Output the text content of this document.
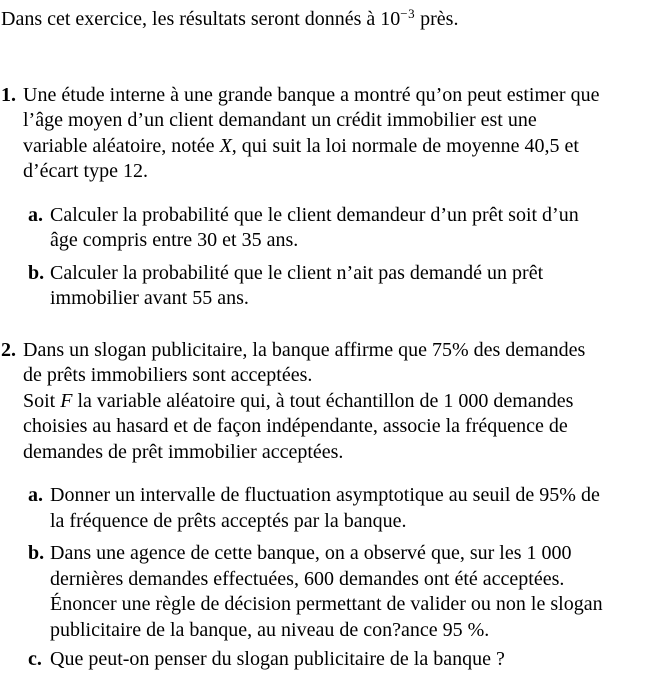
Dans cet exercice, les résultats seront donnés à $10^{-3}$ près.

1. Une étude interne à une grande banque a montré qu’on peut estimer que
l’âge moyen d’un client demandant un crédit immobilier est une
variable aléatoire, notée X, qui suit la loi normale de moyenne 40,5 et
d’écart type 12.
a. Calculer la probabilité que le client demandeur d’un prêt soit d’un
âge compris entre 30 et 35 ans.
b. Calculer la probabilité que le client n’ait pas demandé un prêt
immobilier avant 55 ans.
2. Dans un slogan publicitaire, la banque affirme que 75% des demandes
de prêts immobiliers sont acceptées.
Soit F la variable aléatoire qui, à tout échantillon de 1 000 demandes
choisies au hasard et de façon indépendante, associe la fréquence de
demandes de prêt immobilier acceptées.
a. Donner un intervalle de fluctuation asymptotique au seuil de 95% de
la fréquence de prêts acceptés par la banque.
b. Dans une agence de cette banque, on a observé que, sur les 1 000
dernières demandes effectuées, 600 demandes ont été acceptées.
Énoncer une règle de décision permettant de valider ou non le slogan
publicitaire de la banque, au niveau de con?ance 95 %.
c. Que peut-on penser du slogan publicitaire de la banque ?
